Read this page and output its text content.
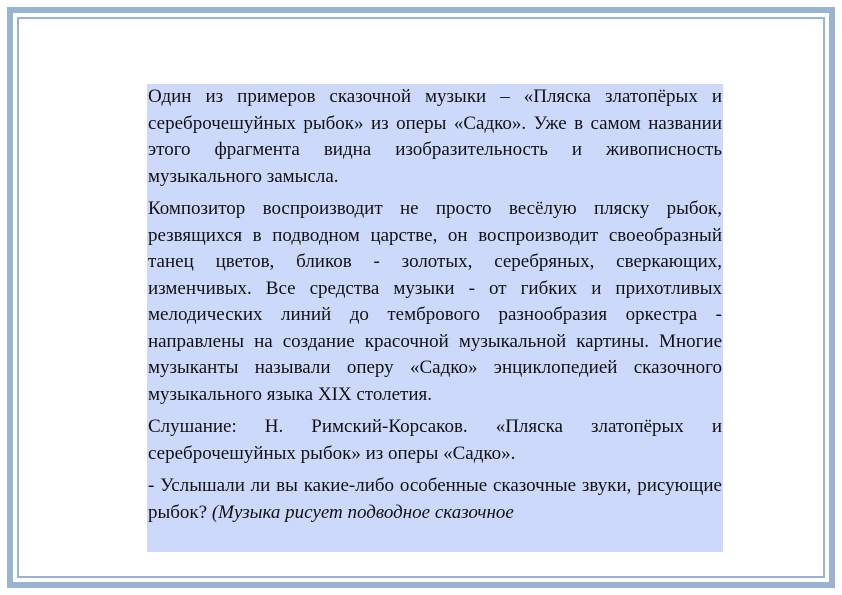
Один из примеров сказочной музыки – «Пляска златопёрых и сереброчешуйных рыбок» из оперы «Садко». Уже в самом названии этого фрагмента видна изобразительность и живописность музыкального замысла.

Композитор воспроизводит не просто весёлую пляску рыбок, резвящихся в подводном царстве, он воспроизводит своеобразный танец цветов, бликов - золотых, серебряных, сверкающих, изменчивых. Все средства музыки - от гибких и прихотливых мелодических линий до тембрового разнообразия оркестра - направлены на создание красочной музыкальной картины. Многие музыканты называли оперу «Садко» энциклопедией сказочного музыкального языка XIX столетия.

Слушание: Н. Римский-Корсаков. «Пляска златопёрых и сереброчешуйных рыбок» из оперы «Садко».

- Услышали ли вы какие-либо особенные сказочные звуки, рисующие рыбок? (Музыка рисует подводное сказочное
